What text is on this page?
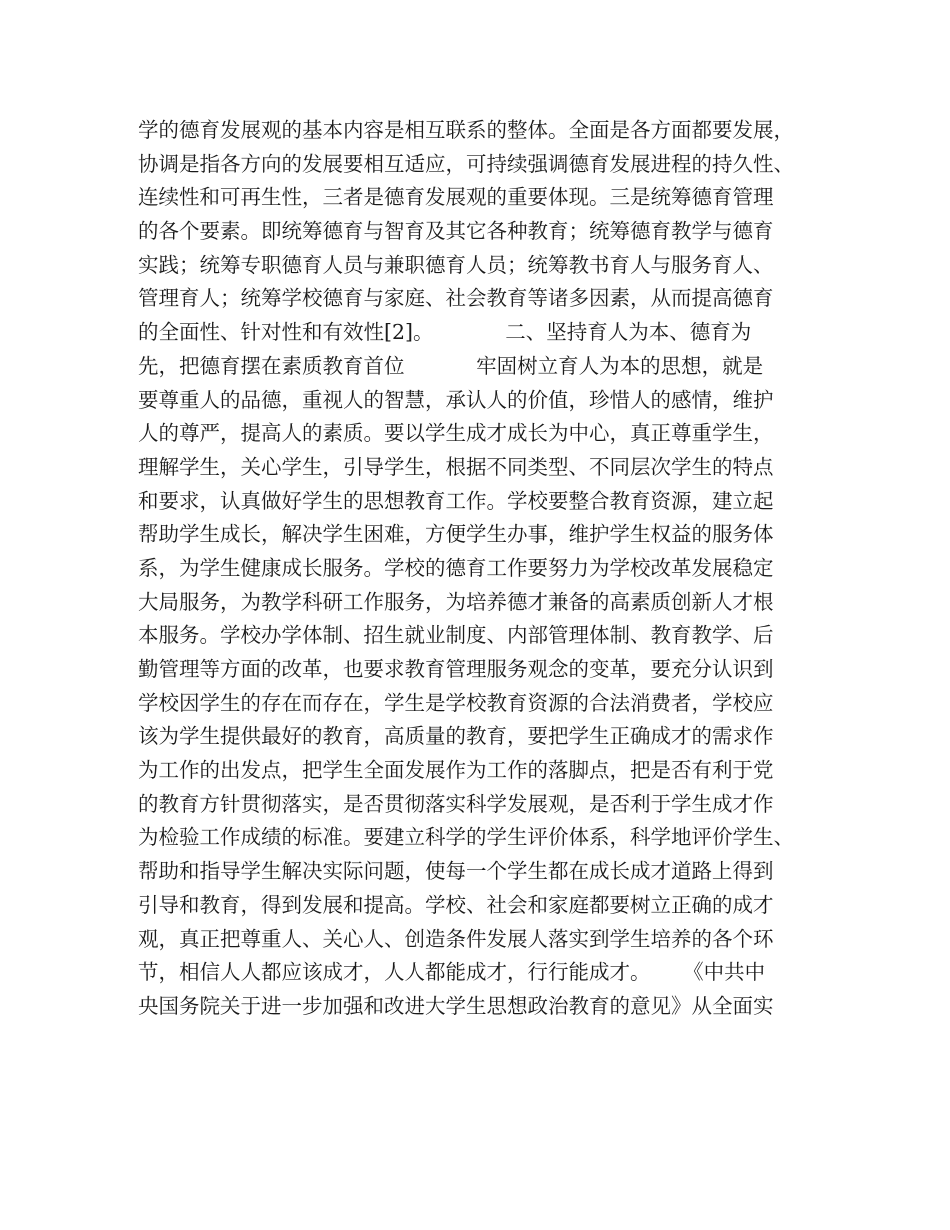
学的德育发展观的基本内容是相互联系的整体。全面是各方面都要发展，
协调是指各方向的发展要相互适应，可持续强调德育发展进程的持久性、
连续性和可再生性，三者是德育发展观的重要体现。三是统筹德育管理
的各个要素。即统筹德育与智育及其它各种教育；统筹德育教学与德育
实践；统筹专职德育人员与兼职德育人员；统筹教书育人与服务育人、
管理育人；统筹学校德育与家庭、社会教育等诸多因素，从而提高德育
的全面性、针对性和有效性[2]。           二、坚持育人为本、德育为
先，把德育摆在素质教育首位           牢固树立育人为本的思想，就是
要尊重人的品德，重视人的智慧，承认人的价值，珍惜人的感情，维护
人的尊严，提高人的素质。要以学生成才成长为中心，真正尊重学生，
理解学生，关心学生，引导学生，根据不同类型、不同层次学生的特点
和要求，认真做好学生的思想教育工作。学校要整合教育资源，建立起
帮助学生成长，解决学生困难，方便学生办事，维护学生权益的服务体
系，为学生健康成长服务。学校的德育工作要努力为学校改革发展稳定
大局服务，为教学科研工作服务，为培养德才兼备的高素质创新人才根
本服务。学校办学体制、招生就业制度、内部管理体制、教育教学、后
勤管理等方面的改革，也要求教育管理服务观念的变革，要充分认识到
学校因学生的存在而存在，学生是学校教育资源的合法消费者，学校应
该为学生提供最好的教育，高质量的教育，要把学生正确成才的需求作
为工作的出发点，把学生全面发展作为工作的落脚点，把是否有利于党
的教育方针贯彻落实，是否贯彻落实科学发展观，是否利于学生成才作
为检验工作成绩的标准。要建立科学的学生评价体系，科学地评价学生、
帮助和指导学生解决实际问题，使每一个学生都在成长成才道路上得到
引导和教育，得到发展和提高。学校、社会和家庭都要树立正确的成才
观，真正把尊重人、关心人、创造条件发展人落实到学生培养的各个环
节，相信人人都应该成才，人人都能成才，行行能成才。     《中共中
央国务院关于进一步加强和改进大学生思想政治教育的意见》从全面实
